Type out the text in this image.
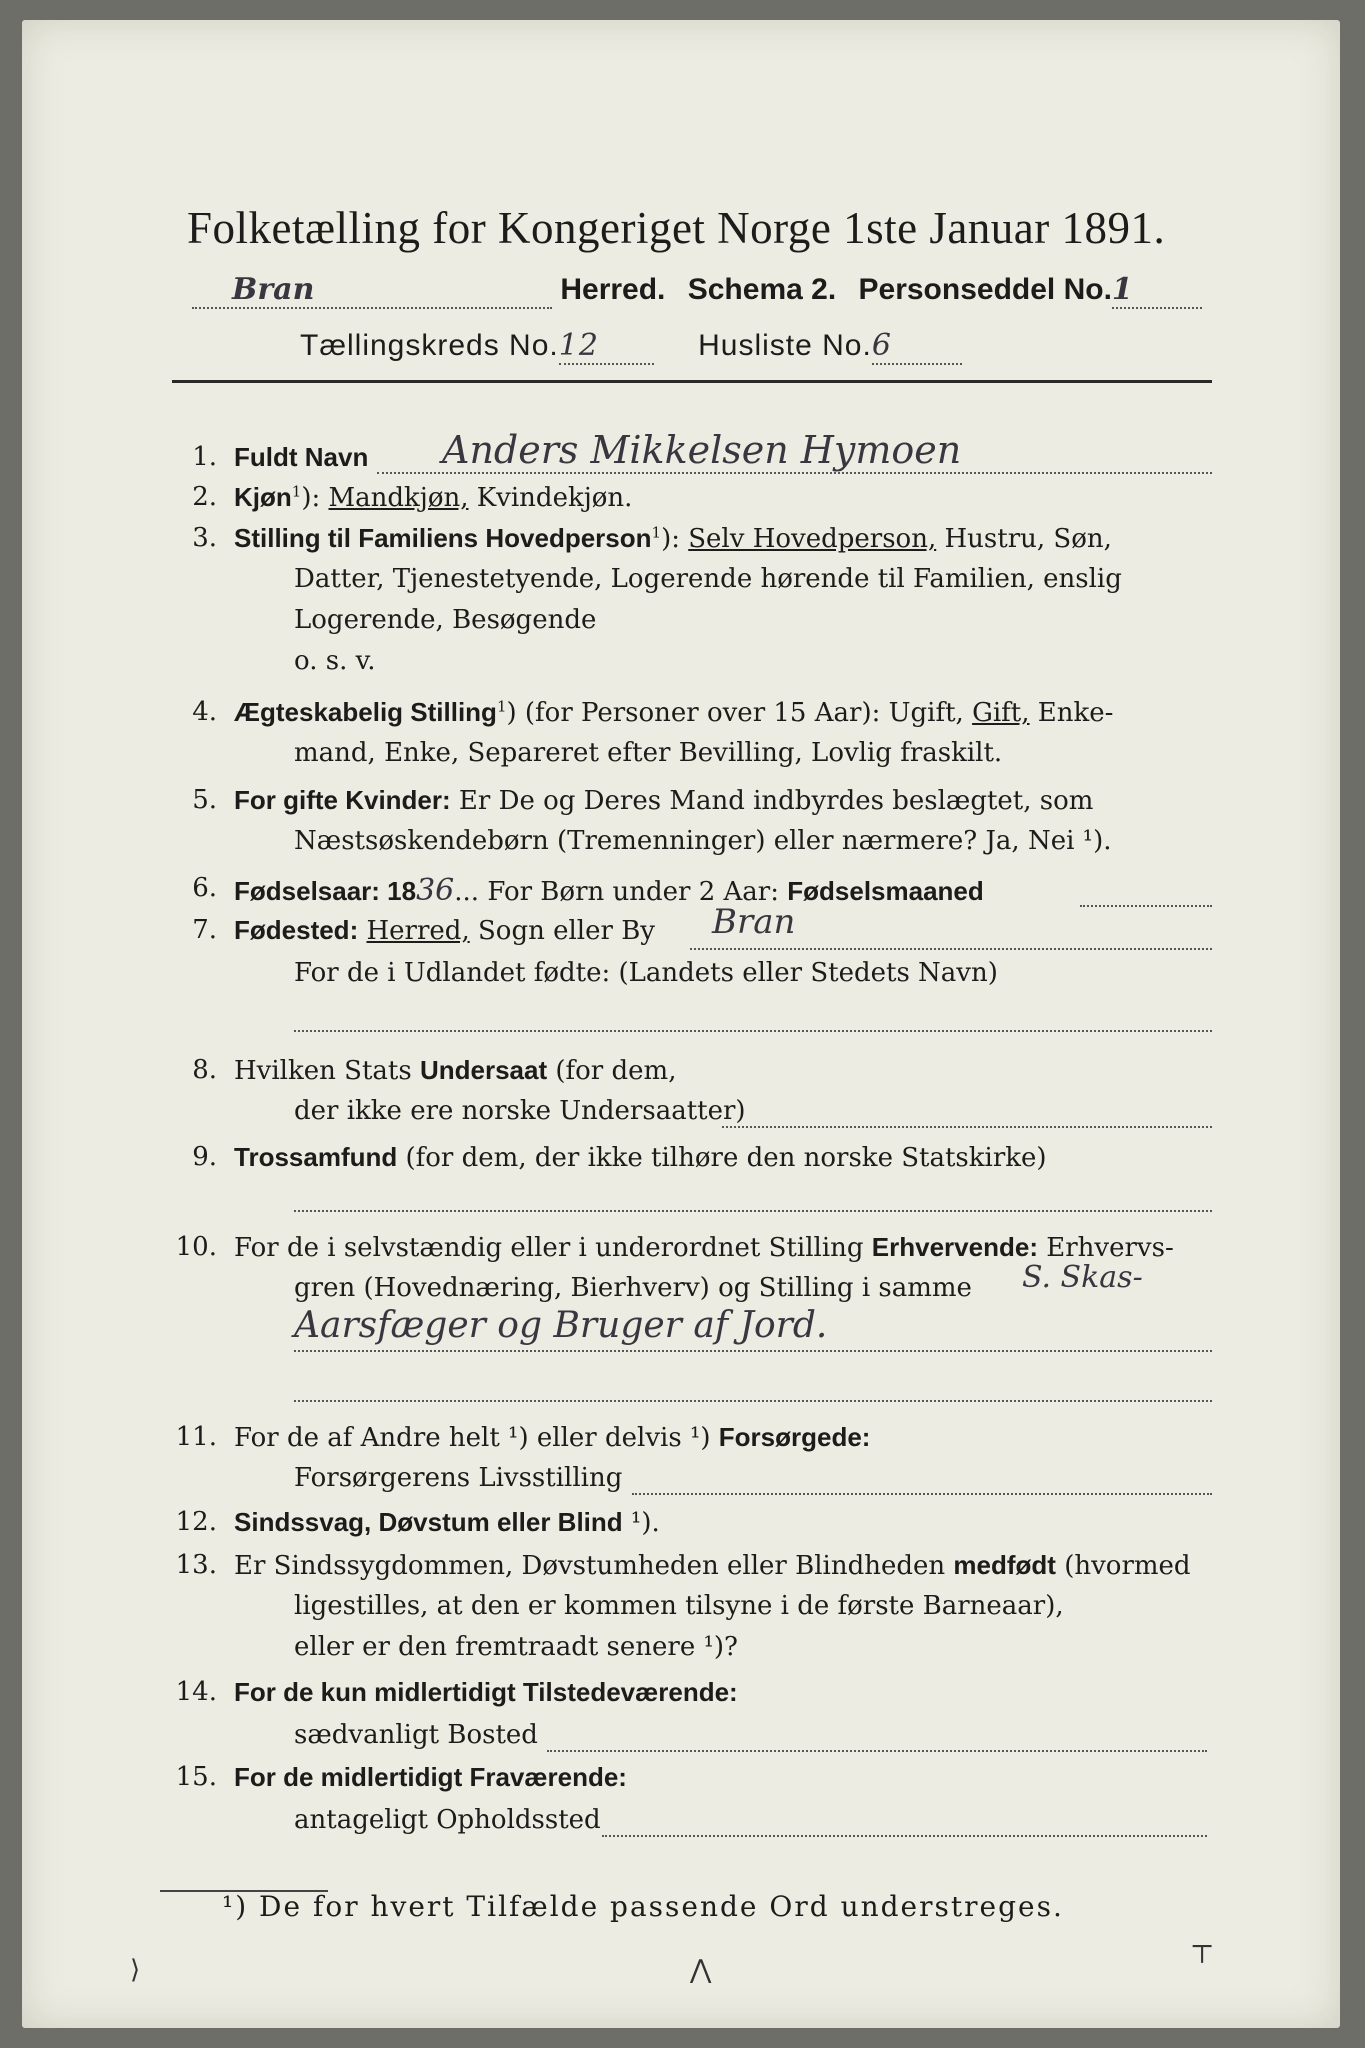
Folketælling for Kongeriget Norge 1ste Januar 1891.
Bran	Herred. Schema 2. Personseddel No.1
Tællingskreds No.12	Husliste No.6
1. Fuldt Navn Anders Mikkelsen Hymoen
2. Kjøn$^1$): Mandkjøn, Kvindekjøn.
3. Stilling til Familiens Hovedperson$^1$): Selv Hovedperson, Hustru, Søn,
Datter, Tjenestetyende, Logerende hørende til Familien, enslig
Logerende, Besøgende
o. s. v.
4. Ægteskabelig Stilling$^1$) (for Personer over 15 Aar): Ugift, Gift, Enke-
mand, Enke, Separeret efter Bevilling, Lovlig fraskilt.
5. For gifte Kvinder: Er De og Deres Mand indbyrdes beslægtet, som
Næstsøskendebørn (Tremenninger) eller nærmere? Ja, Nei ¹).
6. Fødselsaar: 1836... For Børn under 2 Aar: Fødselsmaaned
7. Fødested: Herred, Sogn eller By Bran
For de i Udlandet fødte: (Landets eller Stedets Navn)
8. Hvilken Stats Undersaat (for dem,
der ikke ere norske Undersaatter)
9. Trossamfund (for dem, der ikke tilhøre den norske Statskirke)
10. For de i selvstændig eller i underordnet Stilling Erhvervende: Erhvervs-
gren (Hovednæring, Bierhverv) og Stilling i samme S. Skas-
Aarsfæger og Bruger af Jord.
11. For de af Andre helt ¹) eller delvis ¹) Forsørgede:
Forsørgerens Livsstilling
12. Sindssvag, Døvstum eller Blind ¹).
13. Er Sindssygdommen, Døvstumheden eller Blindheden medfødt (hvormed
ligestilles, at den er kommen tilsyne i de første Barneaar),
eller er den fremtraadt senere ¹)?
14. For de kun midlertidigt Tilstedeværende:
sædvanligt Bosted
15. For de midlertidigt Fraværende:
antageligt Opholdssted
¹) De for hvert Tilfælde passende Ord understreges.
⟩	⋀	⊤
